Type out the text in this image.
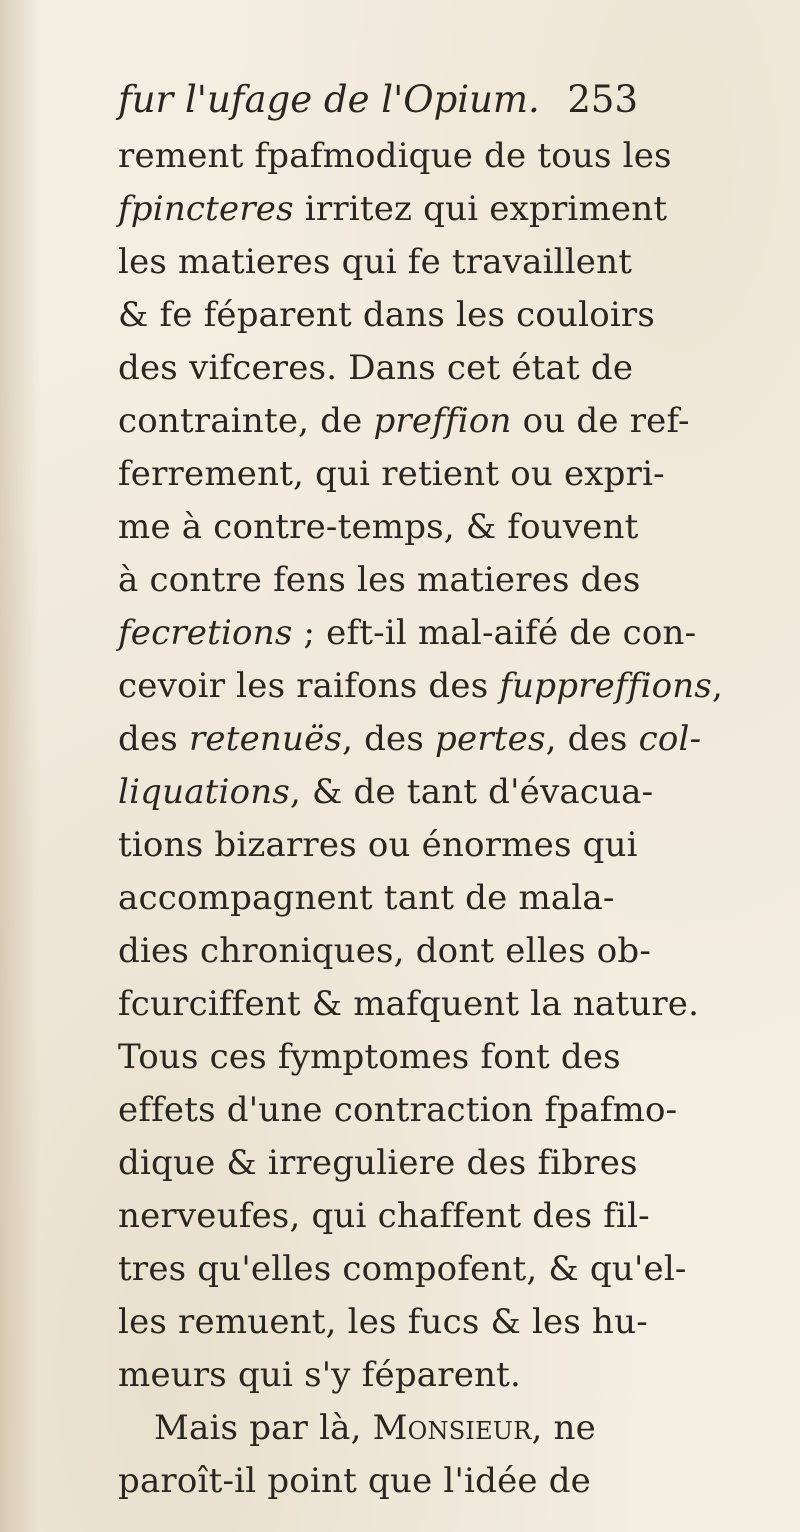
fur l'ufage de l'Opium. 253
rement fpafmodique de tous les
fpincteres irritez qui expriment
les matieres qui fe travaillent
& fe féparent dans les couloirs
des vifceres. Dans cet état de
contrainte, de preffion ou de ref-
ferrement, qui retient ou expri-
me à contre-temps, & fouvent
à contre fens les matieres des
fecretions ; eft-il mal-aifé de con-
cevoir les raifons des fuppreffions,
des retenuës, des pertes, des col-
liquations, & de tant d'évacua-
tions bizarres ou énormes qui
accompagnent tant de mala-
dies chroniques, dont elles ob-
fcurciffent & mafquent la nature.
Tous ces fymptomes font des
effets d'une contraction fpafmo-
dique & irreguliere des fibres
nerveufes, qui chaffent des fil-
tres qu'elles compofent, & qu'el-
les remuent, les fucs & les hu-
meurs qui s'y féparent.
Mais par là, Monsieur, ne
paroît-il point que l'idée de
